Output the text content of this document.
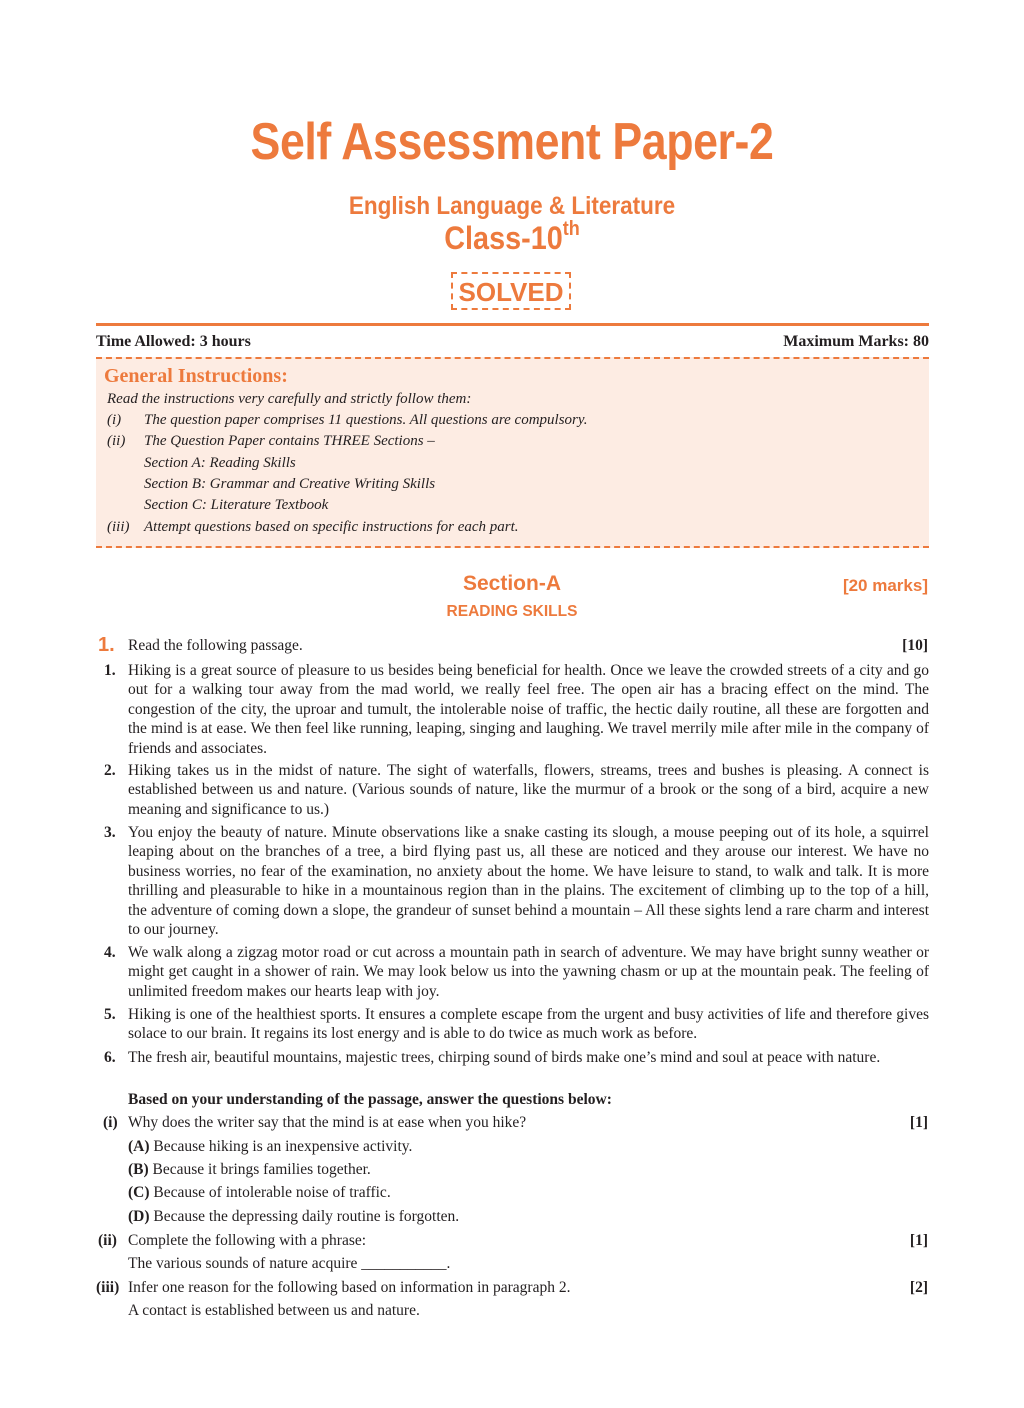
Self Assessment Paper-2
English Language & Literature
Class-10th
SOLVED
Time Allowed: 3 hours	Maximum Marks: 80
General Instructions:
Read the instructions very carefully and strictly follow them:
(i) The question paper comprises 11 questions. All questions are compulsory.
(ii) The Question Paper contains THREE Sections –
Section A: Reading Skills
Section B: Grammar and Creative Writing Skills
Section C: Literature Textbook
(iii) Attempt questions based on specific instructions for each part.
Section-A	[20 marks]
READING SKILLS
1. Read the following passage.	[10]
1. Hiking is a great source of pleasure to us besides being beneficial for health. Once we leave the crowded streets of a city and go out for a walking tour away from the mad world, we really feel free. The open air has a bracing effect on the mind. The congestion of the city, the uproar and tumult, the intolerable noise of traffic, the hectic daily routine, all these are forgotten and the mind is at ease. We then feel like running, leaping, singing and laughing. We travel merrily mile after mile in the company of friends and associates.
2. Hiking takes us in the midst of nature. The sight of waterfalls, flowers, streams, trees and bushes is pleasing. A connect is established between us and nature. (Various sounds of nature, like the murmur of a brook or the song of a bird, acquire a new meaning and significance to us.)
3. You enjoy the beauty of nature. Minute observations like a snake casting its slough, a mouse peeping out of its hole, a squirrel leaping about on the branches of a tree, a bird flying past us, all these are noticed and they arouse our interest. We have no business worries, no fear of the examination, no anxiety about the home. We have leisure to stand, to walk and talk. It is more thrilling and pleasurable to hike in a mountainous region than in the plains. The excitement of climbing up to the top of a hill, the adventure of coming down a slope, the grandeur of sunset behind a mountain – All these sights lend a rare charm and interest to our journey.
4. We walk along a zigzag motor road or cut across a mountain path in search of adventure. We may have bright sunny weather or might get caught in a shower of rain. We may look below us into the yawning chasm or up at the mountain peak. The feeling of unlimited freedom makes our hearts leap with joy.
5. Hiking is one of the healthiest sports. It ensures a complete escape from the urgent and busy activities of life and therefore gives solace to our brain. It regains its lost energy and is able to do twice as much work as before.
6. The fresh air, beautiful mountains, majestic trees, chirping sound of birds make one’s mind and soul at peace with nature.
Based on your understanding of the passage, answer the questions below:
(i) Why does the writer say that the mind is at ease when you hike?	[1]
(A) Because hiking is an inexpensive activity.
(B) Because it brings families together.
(C) Because of intolerable noise of traffic.
(D) Because the depressing daily routine is forgotten.
(ii) Complete the following with a phrase:	[1]
The various sounds of nature acquire ___________.
(iii) Infer one reason for the following based on information in paragraph 2.	[2]
A contact is established between us and nature.
